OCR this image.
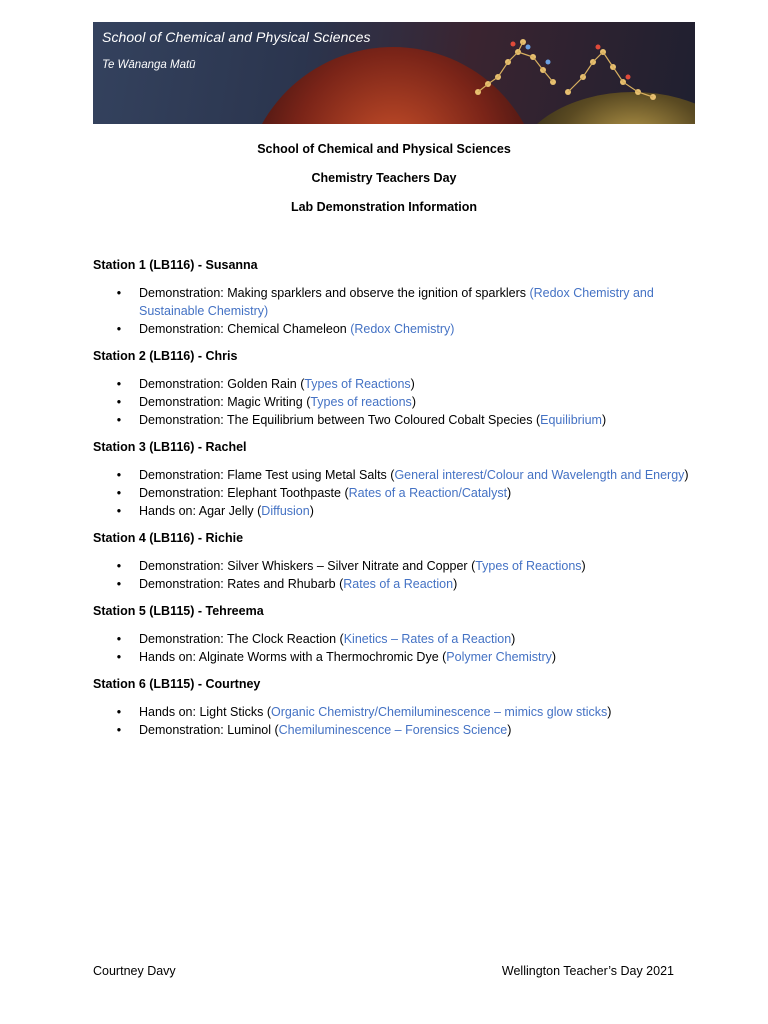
School of Chemical and Physical Sciences
Te Wānanga Matū
School of Chemical and Physical Sciences
Chemistry Teachers Day
Lab Demonstration Information

Station 1 (LB116) - Susanna

• Demonstration: Making sparklers and observe the ignition of sparklers (Redox Chemistry and Sustainable Chemistry)
• Demonstration: Chemical Chameleon (Redox Chemistry)

Station 2 (LB116) - Chris

• Demonstration: Golden Rain (Types of Reactions)
• Demonstration: Magic Writing (Types of reactions)
• Demonstration: The Equilibrium between Two Coloured Cobalt Species (Equilibrium)

Station 3 (LB116) - Rachel

• Demonstration: Flame Test using Metal Salts (General interest/Colour and Wavelength and Energy)
• Demonstration: Elephant Toothpaste (Rates of a Reaction/Catalyst)
• Hands on: Agar Jelly (Diffusion)

Station 4 (LB116) - Richie

• Demonstration: Silver Whiskers – Silver Nitrate and Copper (Types of Reactions)
• Demonstration: Rates and Rhubarb (Rates of a Reaction)

Station 5 (LB115) - Tehreema

• Demonstration: The Clock Reaction (Kinetics – Rates of a Reaction)
• Hands on: Alginate Worms with a Thermochromic Dye (Polymer Chemistry)

Station 6 (LB115) - Courtney

• Hands on: Light Sticks (Organic Chemistry/Chemiluminescence – mimics glow sticks)
• Demonstration: Luminol (Chemiluminescence – Forensics Science)
Courtney Davy	Wellington Teacher’s Day 2021
